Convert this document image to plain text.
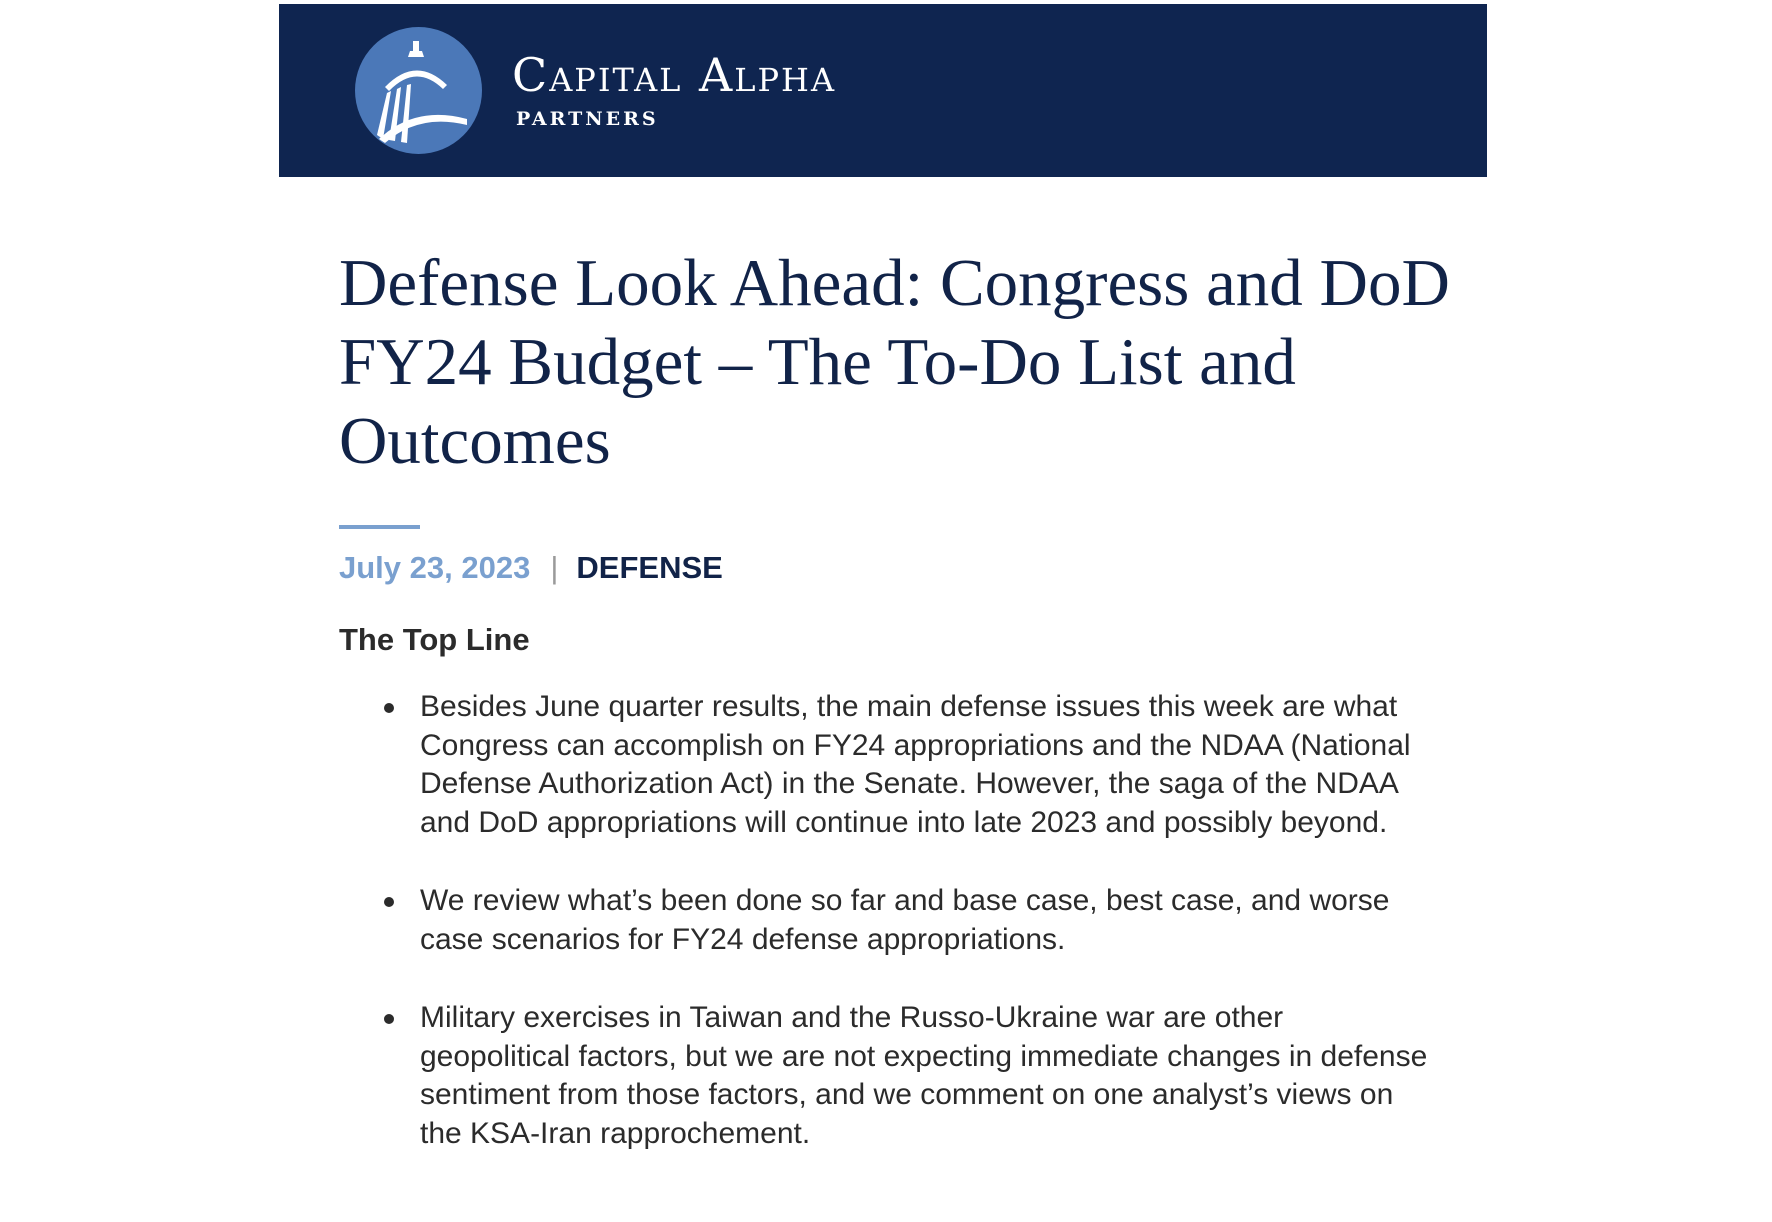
Capital Alpha
PARTNERS
Defense Look Ahead: Congress and DoD FY24 Budget – The To-Do List and Outcomes
July 23, 2023 | DEFENSE
The Top Line
Besides June quarter results, the main defense issues this week are what Congress can accomplish on FY24 appropriations and the NDAA (National Defense Authorization Act) in the Senate. However, the saga of the NDAA and DoD appropriations will continue into late 2023 and possibly beyond.
We review what’s been done so far and base case, best case, and worse case scenarios for FY24 defense appropriations.
Military exercises in Taiwan and the Russo-Ukraine war are other geopolitical factors, but we are not expecting immediate changes in defense sentiment from those factors, and we comment on one analyst’s views on the KSA-Iran rapprochement.
